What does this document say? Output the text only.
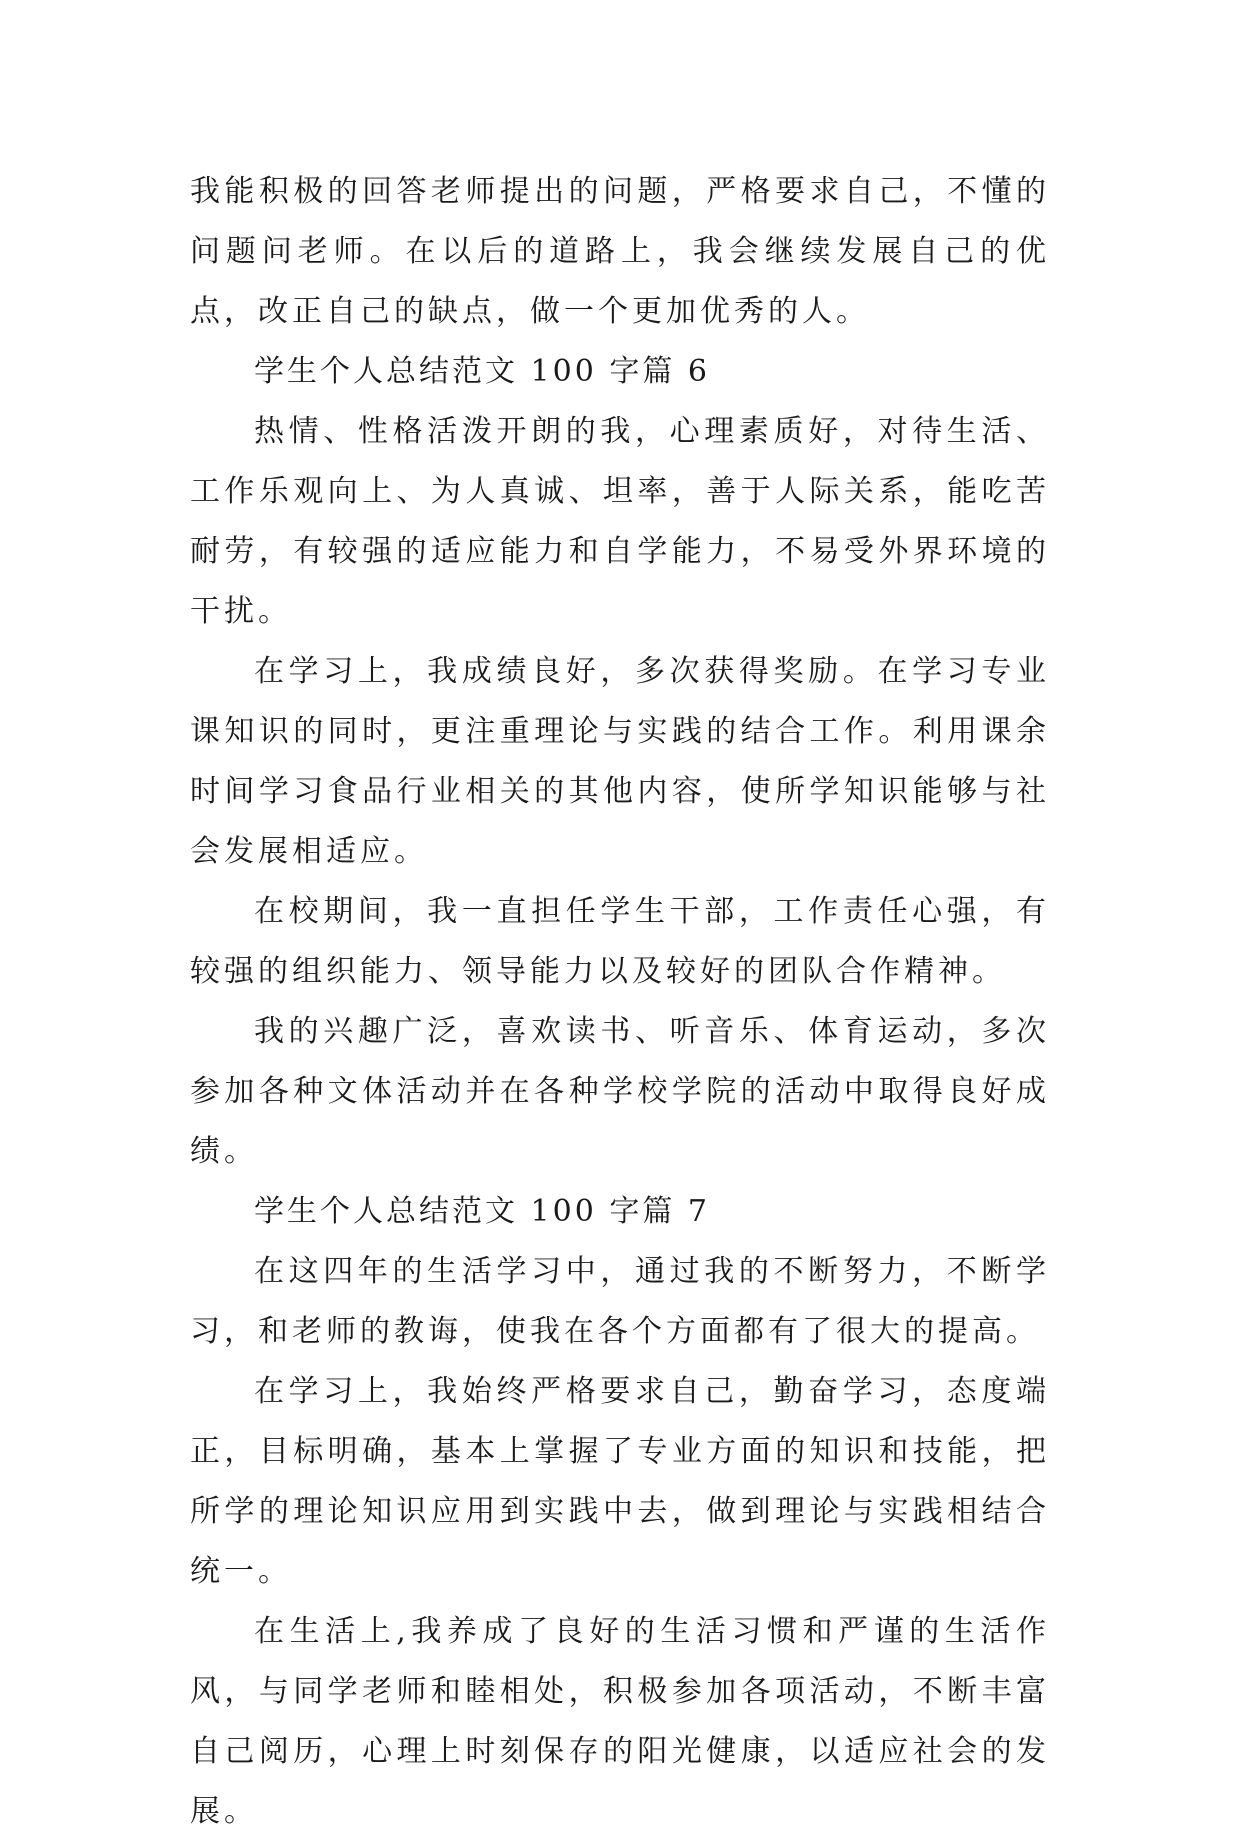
我能积极的回答老师提出的问题，严格要求自己，不懂的问题问老师。在以后的道路上，我会继续发展自己的优点，改正自己的缺点，做一个更加优秀的人。

学生个人总结范文 100 字篇 6

热情、性格活泼开朗的我，心理素质好，对待生活、工作乐观向上、为人真诚、坦率，善于人际关系，能吃苦耐劳，有较强的适应能力和自学能力，不易受外界环境的干扰。

在学习上，我成绩良好，多次获得奖励。在学习专业课知识的同时，更注重理论与实践的结合工作。利用课余时间学习食品行业相关的其他内容，使所学知识能够与社会发展相适应。

在校期间，我一直担任学生干部，工作责任心强，有较强的组织能力、领导能力以及较好的团队合作精神。

我的兴趣广泛，喜欢读书、听音乐、体育运动，多次参加各种文体活动并在各种学校学院的活动中取得良好成绩。

学生个人总结范文 100 字篇 7

在这四年的生活学习中，通过我的不断努力，不断学习，和老师的教诲，使我在各个方面都有了很大的提高。

在学习上，我始终严格要求自己，勤奋学习，态度端正，目标明确，基本上掌握了专业方面的知识和技能，把所学的理论知识应用到实践中去，做到理论与实践相结合统一。

在生活上,我养成了良好的生活习惯和严谨的生活作风，与同学老师和睦相处，积极参加各项活动，不断丰富自己阅历，心理上时刻保存的阳光健康，以适应社会的发展。
